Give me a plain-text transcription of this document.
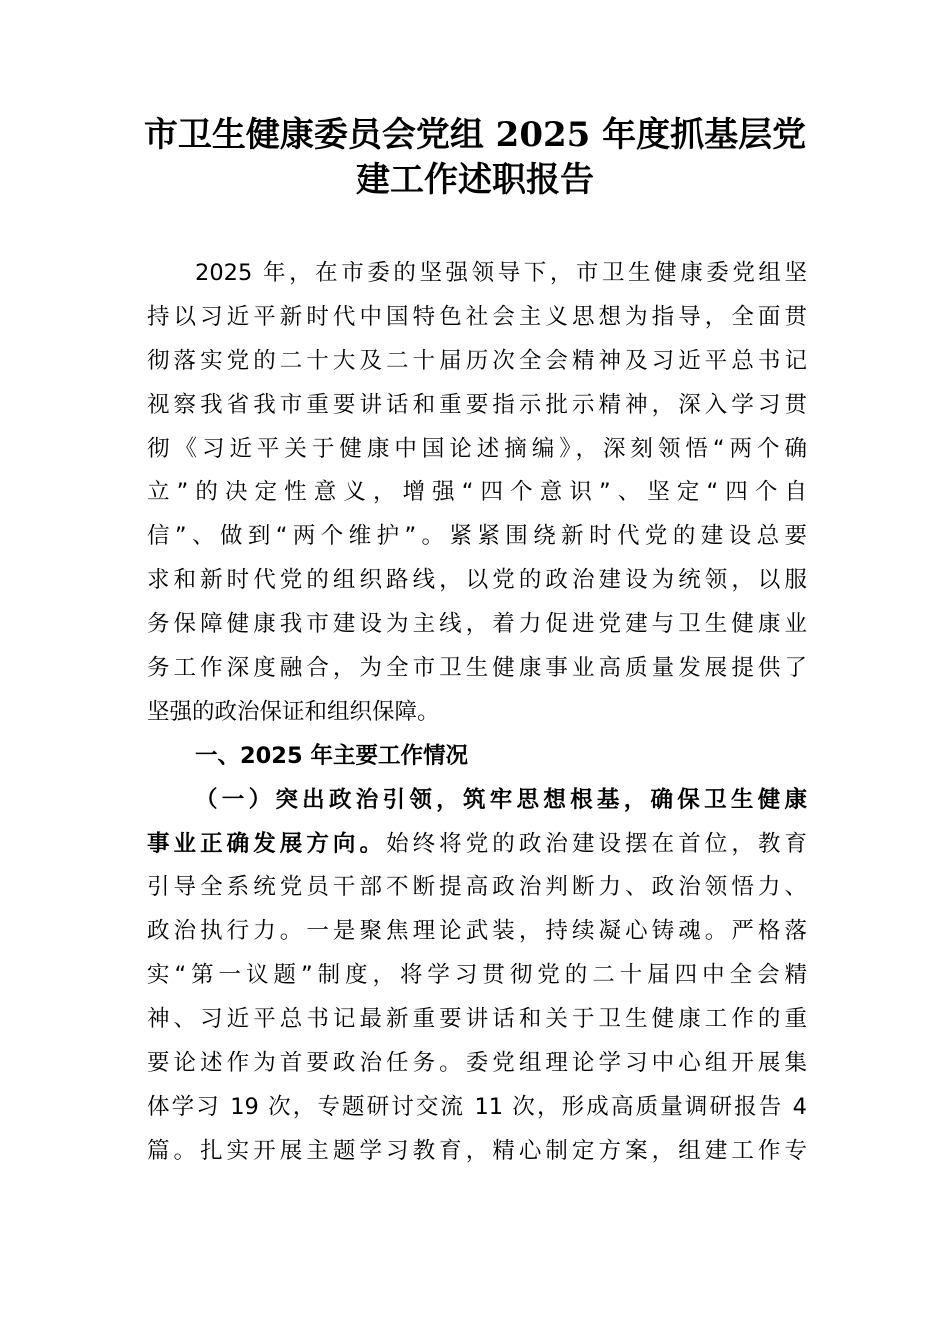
市卫生健康委员会党组 2025 年度抓基层党
建工作述职报告
2025 年，在市委的坚强领导下，市卫生健康委党组坚
持以习近平新时代中国特色社会主义思想为指导，全面贯
彻落实党的二十大及二十届历次全会精神及习近平总书记
视察我省我市重要讲话和重要指示批示精神，深入学习贯
彻《习近平关于健康中国论述摘编》，深刻领悟“两个确
立”的决定性意义，增强“四个意识”、坚定“四个自
信”、做到“两个维护”。紧紧围绕新时代党的建设总要
求和新时代党的组织路线，以党的政治建设为统领，以服
务保障健康我市建设为主线，着力促进党建与卫生健康业
务工作深度融合，为全市卫生健康事业高质量发展提供了
坚强的政治保证和组织保障。
一、2025 年主要工作情况
（一）突出政治引领，筑牢思想根基，确保卫生健康
事业正确发展方向。始终将党的政治建设摆在首位，教育
引导全系统党员干部不断提高政治判断力、政治领悟力、
政治执行力。一是聚焦理论武装，持续凝心铸魂。严格落
实“第一议题”制度，将学习贯彻党的二十届四中全会精
神、习近平总书记最新重要讲话和关于卫生健康工作的重
要论述作为首要政治任务。委党组理论学习中心组开展集
体学习 19 次，专题研讨交流 11 次，形成高质量调研报告 4
篇。扎实开展主题学习教育，精心制定方案，组建工作专
